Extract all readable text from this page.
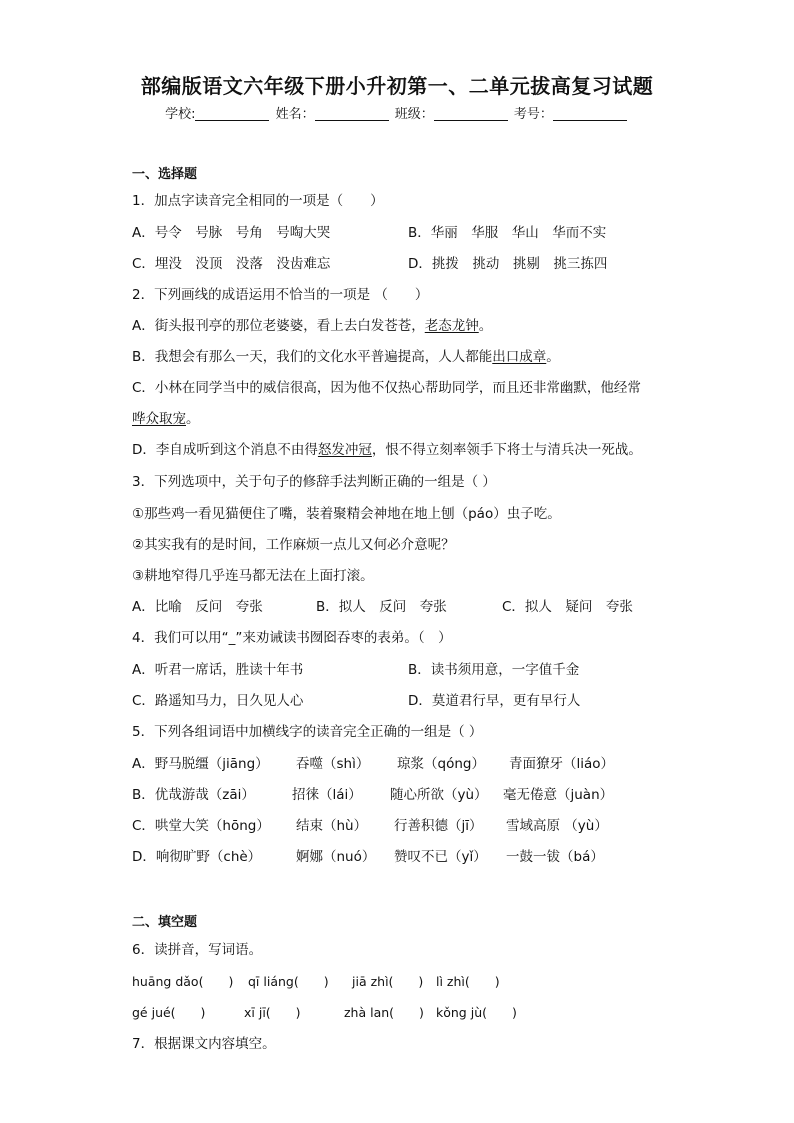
部编版语文六年级下册小升初第一、二单元拔高复习试题
学校:	姓名：	班级：	考号：
一、选择题
1．加点字读音完全相同的一项是（　　）
A．号令　号脉　号角　号啕大哭	B．华丽　华服　华山　华而不实
C．埋没　没顶　没落　没齿难忘	D．挑拨　挑动　挑剔　挑三拣四
2．下列画线的成语运用不恰当的一项是 （　　）
A．街头报刊亭的那位老婆婆，看上去白发苍苍，老态龙钟。
B．我想会有那么一天，我们的文化水平普遍提高，人人都能出口成章。
C．小林在同学当中的威信很高，因为他不仅热心帮助同学，而且还非常幽默，他经常
哗众取宠。
D．李自成听到这个消息不由得怒发冲冠，恨不得立刻率领手下将士与清兵决一死战。
3．下列选项中，关于句子的修辞手法判断正确的一组是（ ）
①那些鸡一看见猫便住了嘴，装着聚精会神地在地上刨（páo）虫子吃。
②其实我有的是时间，工作麻烦一点儿又何必介意呢？
③耕地窄得几乎连马都无法在上面打滚。
A．比喻　反问　夸张	B．拟人　反问　夸张	C．拟人　疑问　夸张
4．我们可以用“_”来劝诫读书囫囵吞枣的表弟。（　）
A．听君一席话，胜读十年书	B．读书须用意，一字值千金
C．路遥知马力，日久见人心	D．莫道君行早，更有早行人
5．下列各组词语中加横线字的读音完全正确的一组是（ ）
A．野马脱缰（jiāng） 吞噬（shì） 琼浆（qóng） 青面獠牙（liáo）
B．优哉游哉（zāi）	招徕（lái） 随心所欲（yù） 毫无倦意（juàn）
C．哄堂大笑（hōng） 结束（hù） 行善积德（jī） 雪域高原 （yù）
D．响彻旷野（chè）	婀娜（nuó） 赞叹不已（yǐ） 一鼓一钹（bá）
二、填空题
6．读拼音，写词语。
huāng dǎo(　　) qī liáng(　　) jiā zhì(　　) lì zhì(　　)
gé jué(　　)	xī jī(　　)	zhà lan(　　) kǒng jù(　　)
7．根据课文内容填空。
